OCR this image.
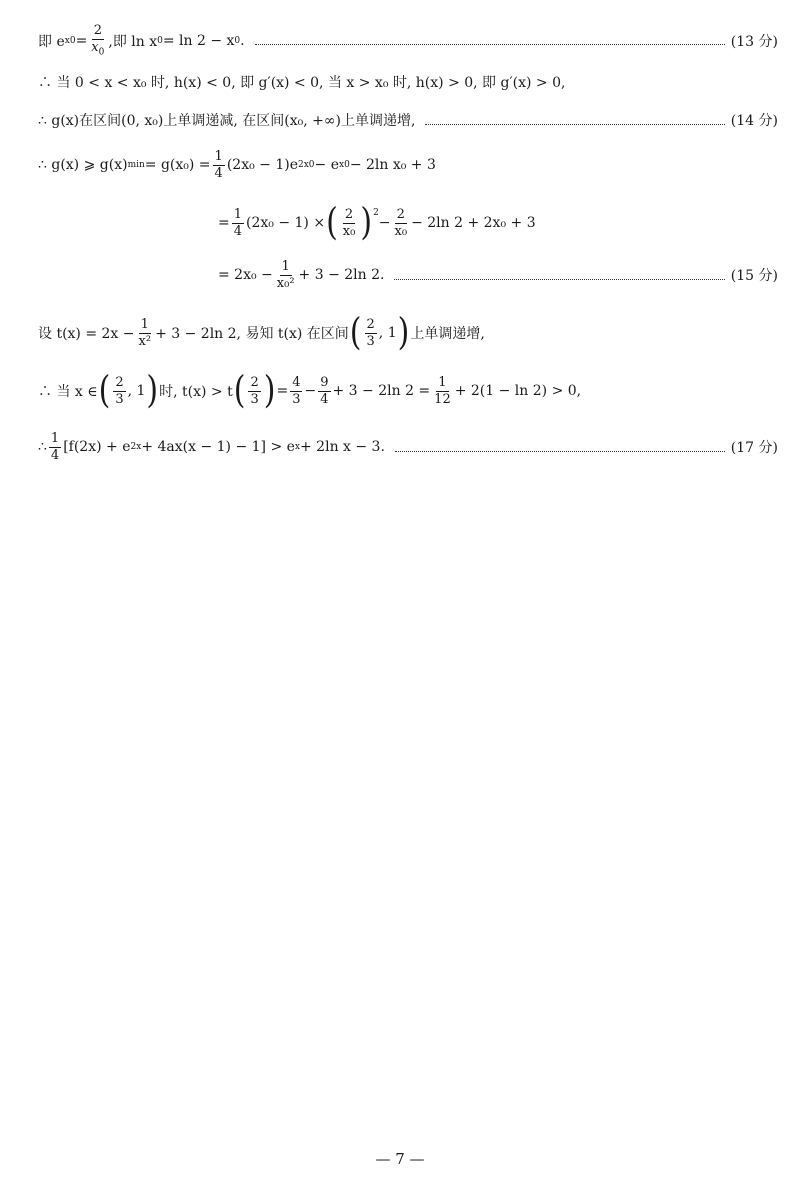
即 e $x0 = \frac{2}{x_0}$ ,即 ln x 0 = ln 2 − x 0 .	(13 分)
∴ 当 0 < x < x₀ 时, h(x) < 0, 即 g′(x) < 0, 当 x > x₀ 时, h(x) > 0, 即 g′(x) > 0,
∴ g(x)在区间(0, x₀)上单调递减, 在区间(x₀, +∞)上单调递增,	(14 分)
∴ g(x) ⩾ g(x) $\min = g(x_0) = \frac{1}{4} (2x_0 - 1)e$ 2x0 − e x0 − 2ln x₀ + 3
= $\frac{1}{4} (2x_0 - 1)$ × ( $\frac{2}{\text{x₀}} )^2$
− $\frac{2}{\text{x₀}} - 2\ln$ 2 + 2x₀ + 3
= $2x_0 - \frac{1}{\text{x₀²}} + 3 - 2\ln$ 2.	(15 分)
设 $t(x) = 2x - \frac{1}{\text{x²}} + 3 - 2\ln$ 2, 易知 t(x) 在区间 ( $\frac{2}{3}$ , 1 ) 上单调递增,
∴ 当 x ∈ ( $\frac{2}{3}$ , 1 ) 时, t(x) > t ( $\frac{2}{3}$ ) = $\frac{4}{3} - \frac{9}{4} + 3 - 2\ln$ $2 = \frac{1}{12} + 2(1 - \ln 2) > 0$,
∴ $\frac{1}{4} [f(2x) + e$ 2x + 4ax(x − 1) − 1] > e x + 2ln x − 3.	(17 分)
— 7 —
